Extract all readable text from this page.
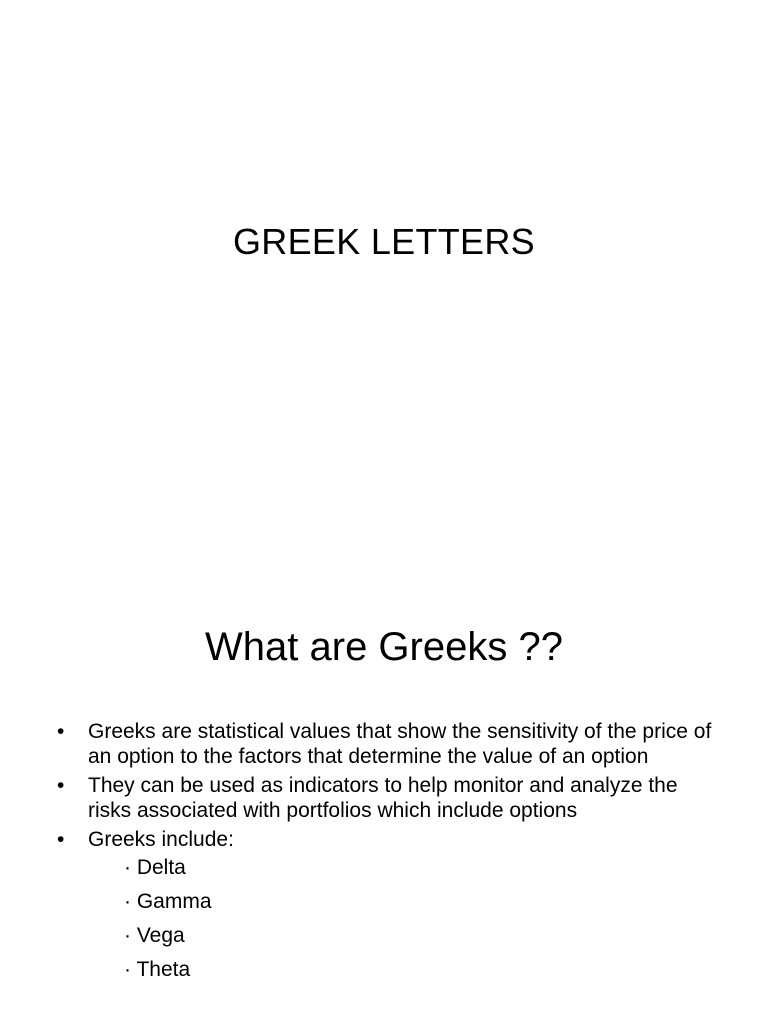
GREEK LETTERS
What are Greeks ??
• Greeks are statistical values that show the sensitivity of the price of an option to the factors that determine the value of an option
• They can be used as indicators to help monitor and analyze the risks associated with portfolios which include options
• Greeks include:
· Delta
· Gamma
· Vega
· Theta
